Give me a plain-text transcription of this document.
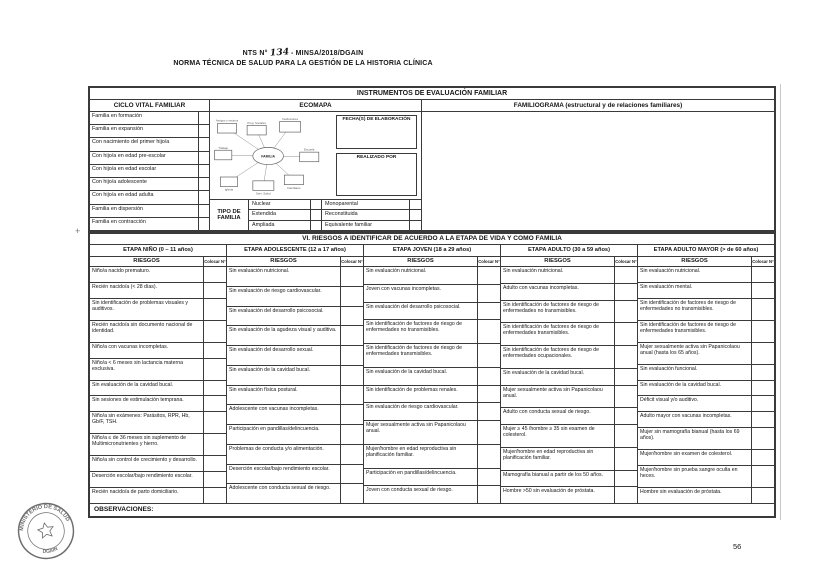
NTS N° 134 - MINSA/2018/DGAIN
NORMA TÉCNICA DE SALUD PARA LA GESTIÓN DE LA HISTORIA CLÍNICA
INSTRUMENTOS DE EVALUACIÓN FAMILIAR
CICLO VITAL FAMILIAR	ECOMAPA	FAMILIOGRAMA (estructural y de relaciones familiares)
Familia en formación
Familia en expansión
Con nacimiento del primer hijo/a
Con hijo/a en edad pre-escolar
Con hijo/a en edad escolar
Con hijo/a adolescente
Con hijo/a en edad adulta
Familia en dispersión
Familia en contracción
Amigos y vecinos
Prog. Sociales
Instituciones
Trabajo	Escuela
Iglesia
Serv. Salud
Familiares
FAMILIA
FECHA(S) DE ELABORACIÓN
REALIZADO POR
TIPO DE FAMILIA
Nuclear	Monoparental
Extendida	Reconstituida
Ampliada	Equivalente familiar
VI. RIESGOS A IDENTIFICAR DE ACUERDO A LA ETAPA DE VIDA Y COMO FAMILIA
ETAPA NIÑO (0 – 11 años)
RIESGOS	Colocar N°
Niño/a nacido prematuro.
Recién nacido/a (< 28 días).
Sin identificación de problemas visuales y auditivos.
Recién nacido/a sin documento nacional de identidad.
Niño/a con vacunas incompletas.
Niño/a < 6 meses sin lactancia materna exclusiva.
Sin evaluación de la cavidad bucal.
Sin sesiones de estimulación temprana.
Niño/a sin exámenes: Parásitos, RPR, Hb, Gb/F, TSH.
Niño/a ≤ de 36 meses sin suplemento de Multimicronutrientes y hierro.
Niño/a sin control de crecimiento y desarrollo.
Deserción escolar/bajo rendimiento escolar.
Recién nacido/a de parto domiciliario.
ETAPA ADOLESCENTE (12 a 17 años)
RIESGOS	Colocar N°
Sin evaluación nutricional.
Sin evaluación de riesgo cardiovascular.
Sin evaluación del desarrollo psicosocial.
Sin evaluación de la agudeza visual y auditiva.
Sin evaluación del desarrollo sexual.
Sin evaluación de la cavidad bucal.
Sin evaluación física postural.
Adolescente con vacunas incompletas.
Participación en pandillas/delincuencia.
Problemas de conducta y/o alimentación.
Deserción escolar/bajo rendimiento escolar.
Adolescente con conducta sexual de riesgo.
ETAPA JOVEN (18 a 29 años)
RIESGOS	Colocar N°
Sin evaluación nutricional.
Joven con vacunas incompletas.
Sin evaluación del desarrollo psicosocial.
Sin identificación de factores de riesgo de enfermedades no transmisibles.
Sin identificación de factores de riesgo de enfermedades transmisibles.
Sin evaluación de la cavidad bucal.
Sin identificación de problemas renales.
Sin evaluación de riesgo cardiovascular.
Mujer sexualmente activa sin Papanicolaou anual.
Mujer/hombre en edad reproductiva sin planificación familiar.
Participación en pandillas/delincuencia.
Joven con conducta sexual de riesgo.
ETAPA ADULTO (30 a 59 años)
RIESGOS	Colocar N°
Sin evaluación nutricional.
Adulto con vacunas incompletas.
Sin identificación de factores de riesgo de enfermedades no transmisibles.
Sin identificación de factores de riesgo de enfermedades transmisibles.
Sin identificación de factores de riesgo de enfermedades ocupacionales.
Sin evaluación de la cavidad bucal.
Mujer sexualmente activa sin Papanicolaou anual.
Adulto con conducta sexual de riesgo.
Mujer ≥ 45 /hombre ≥ 35 sin examen de colesterol.
Mujer/hombre en edad reproductiva sin planificación familiar.
Mamografía bianual a partir de los 50 años.
Hombre >50 sin evaluación de próstata.
ETAPA ADULTO MAYOR (> de 60 años)
RIESGOS	Colocar N°
Sin evaluación nutricional.
Sin evaluación mental.
Sin identificación de factores de riesgo de enfermedades no transmisibles.
Sin identificación de factores de riesgo de enfermedades transmisibles.
Mujer sexualmente activa sin Papanicolaou anual (hasta los 65 años).
Sin evaluación funcional.
Sin evaluación de la cavidad bucal.
Déficit visual y/o auditivo.
Adulto mayor con vacunas incompletas.
Mujer sin mamografía bianual (hasta los 69 años).
Mujer/hombre sin examen de colesterol.
Mujer/hombre sin prueba sangre oculta en heces.
Hombre sin evaluación de próstata.
OBSERVACIONES:
+
MINISTERIO DE SALUD
DGAIN	56
